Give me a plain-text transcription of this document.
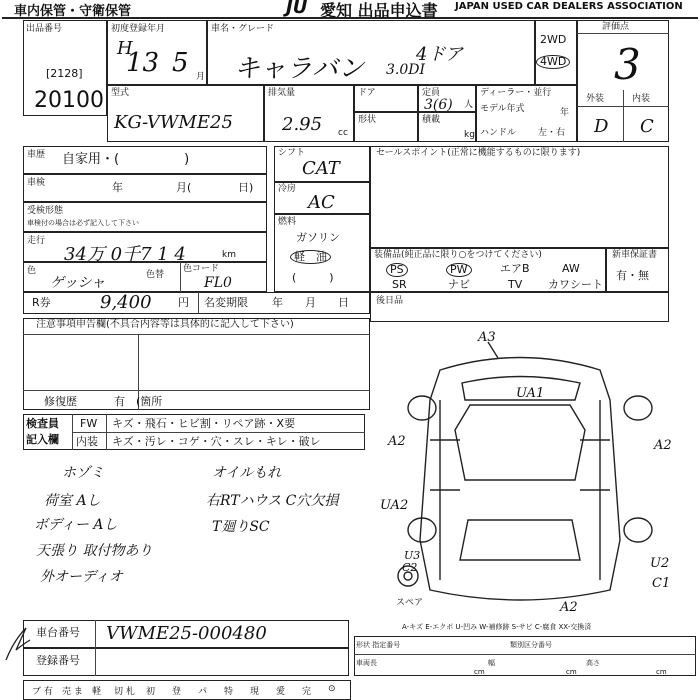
車内保管・守衛保管	JU 愛知 出品申込書 JAPAN USED CAR DEALERS ASSOCIATION
出品番号
[2128]
20100
初度登録年月
H
13 5 月
車名・グレード
キャラバン	4ドア
3.0DI
2WD
4WD
評価点
3
外装	内装
D C
型式
KG-VWME25
排気量
2.95 cc
ドア	定員
3(6) 人
形状	積載
kg
ディーラー・並行
モデル年式	年
ハンドル 左・右
車歴 自家用・(　　　　　)
車検	年	月(	日)
受検形態
車検付の場合は必ず記入して下さい
走行
34万 0千7 1 4	km
色
ゲッシャ	色替
色コード
FL0
シフト
CAT
冷房
AC
燃料
ガソリン
軽　油
(　　　)
セールスポイント(正常に機能するものに限ります)
装備品(純正品に限り○をつけてください)
PS	PW	エアB	AW
SR	ナビ	TV カワシート
新車保証書
有・無
R券	9,400 円 名変期限 年　　月　　日	後日品
注意事項申告欄(不具合内容等は具体的に記入して下さい)
修復歴	有　(箇所
検査員
記入欄
FW キズ・飛石・ヒビ割・リペア跡・X要
内装 キズ・汚レ・コゲ・穴・スレ・キレ・破レ
ホゾミ
荷室 Aし
ボディー Aし
天張り 取付物あり
外オーディオ
オイルもれ
右RTハウス C穴欠損
T廻りSC
A3
UA1
A2	A2
UA2
U3
C2	U2
C1
A2
スペア
A-キズ E-エクボ U-凹み W-補修跡 S-サビ C-腐食 XX-交換済
車台番号 VWME25-000480
登録番号
形状 指定番号	類別区分番号
車両長	幅	高さ
cm	cm	cm
ブ 有 売 ま 軽 切 札 初 登 パ 特 現 愛 完 ⊙
